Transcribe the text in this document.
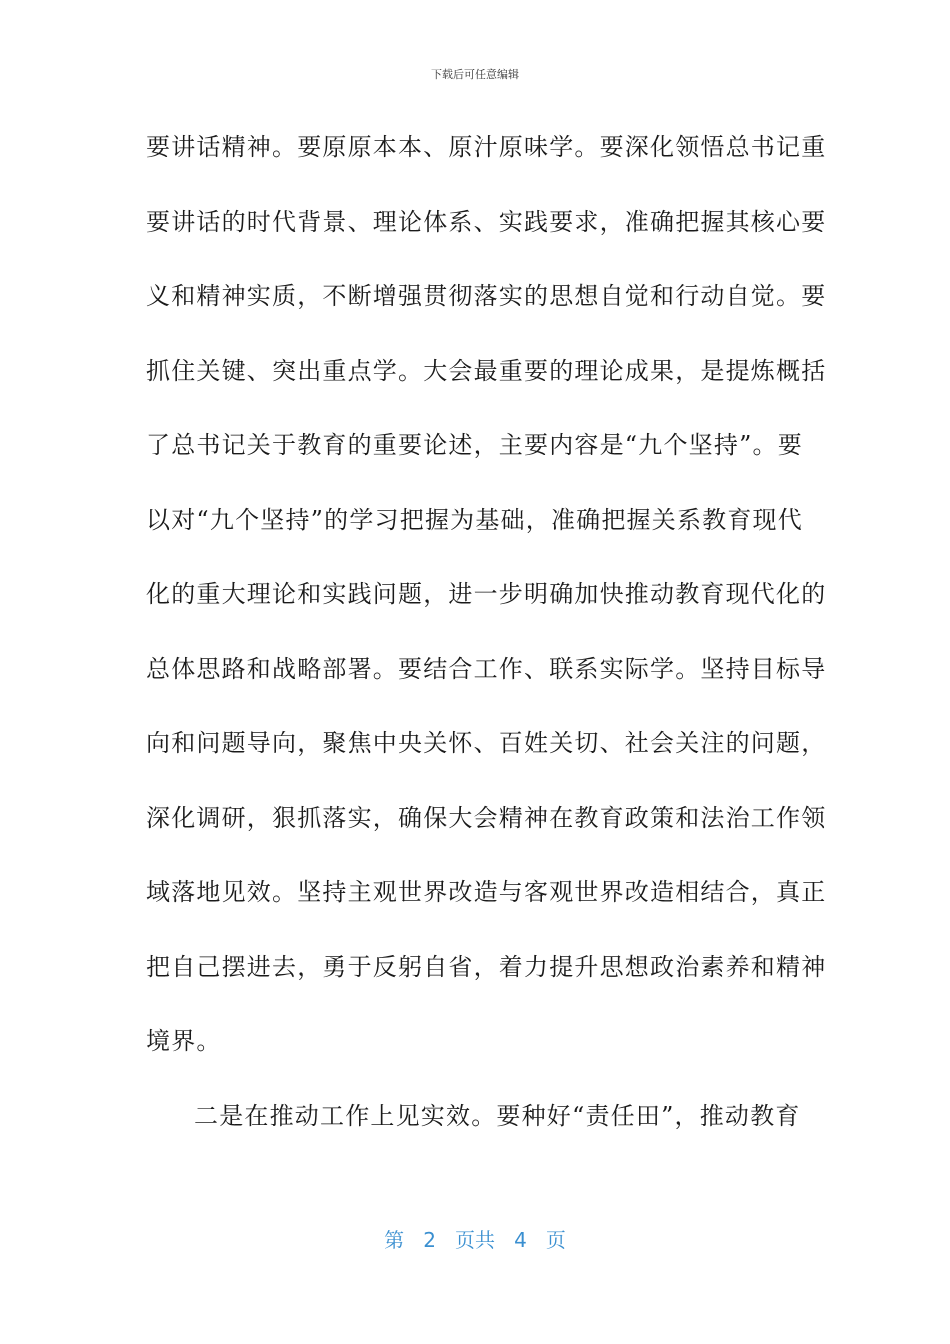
下载后可任意编辑
要讲话精神。要原原本本、原汁原味学。要深化领悟总书记重
要讲话的时代背景、理论体系、实践要求，准确把握其核心要
义和精神实质，不断增强贯彻落实的思想自觉和行动自觉。要
抓住关键、突出重点学。大会最重要的理论成果，是提炼概括
了总书记关于教育的重要论述，主要内容是“九个坚持”。要
以对“九个坚持”的学习把握为基础，准确把握关系教育现代
化的重大理论和实践问题，进一步明确加快推动教育现代化的
总体思路和战略部署。要结合工作、联系实际学。坚持目标导
向和问题导向，聚焦中央关怀、百姓关切、社会关注的问题，
深化调研，狠抓落实，确保大会精神在教育政策和法治工作领
域落地见效。坚持主观世界改造与客观世界改造相结合，真正
把自己摆进去，勇于反躬自省，着力提升思想政治素养和精神
境界。
二是在推动工作上见实效。要种好“责任田”，推动教育
第 2 页共 4 页
